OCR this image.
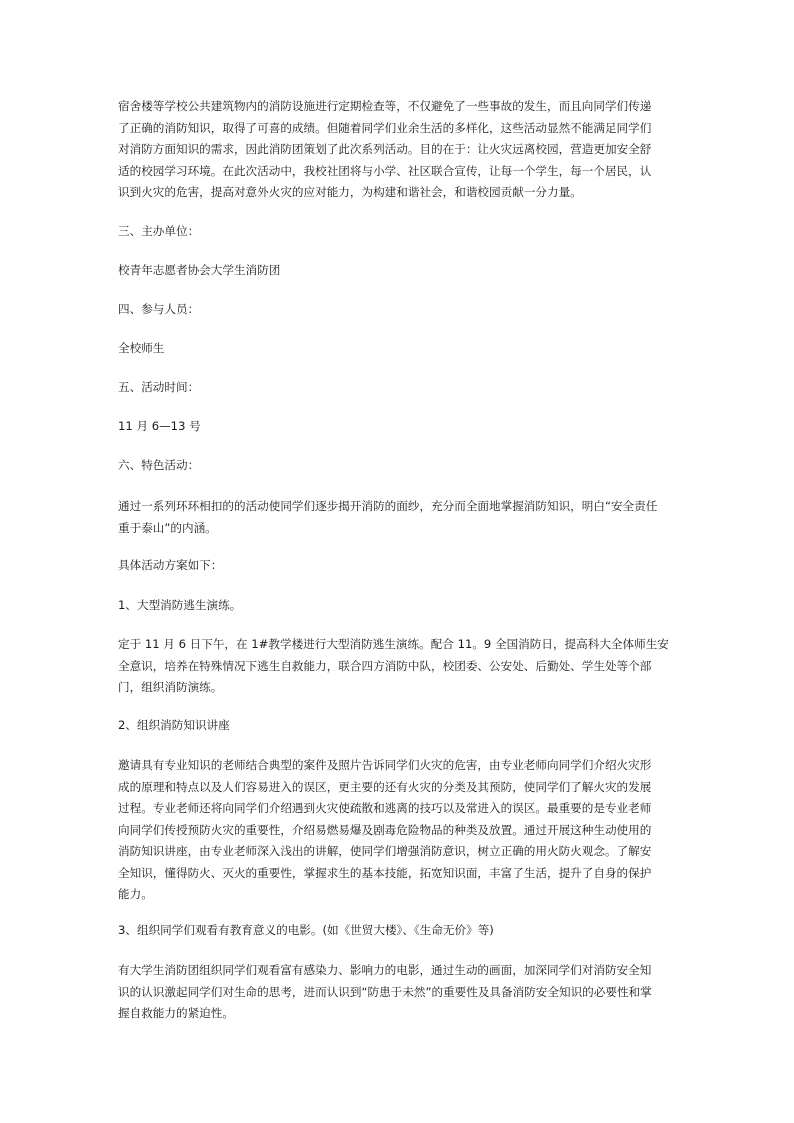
宿舍楼等学校公共建筑物内的消防设施进行定期检查等，不仅避免了一些事故的发生，而且向同学们传递
了正确的消防知识，取得了可喜的成绩。但随着同学们业余生活的多样化，这些活动显然不能满足同学们
对消防方面知识的需求，因此消防团策划了此次系列活动。目的在于：让火灾远离校园，营造更加安全舒
适的校园学习环境。在此次活动中，我校社团将与小学、社区联合宣传，让每一个学生，每一个居民，认
识到火灾的危害，提高对意外火灾的应对能力，为构建和谐社会，和谐校园贡献一分力量。
三、主办单位：
校青年志愿者协会大学生消防团
四、参与人员：
全校师生
五、活动时间：
11 月 6—13 号
六、特色活动：
通过一系列环环相扣的的活动使同学们逐步揭开消防的面纱，充分而全面地掌握消防知识，明白“安全责任
重于泰山”的内涵。
具体活动方案如下：
1、大型消防逃生演练。
定于 11 月 6 日下午，在 1#教学楼进行大型消防逃生演练。配合 11。9 全国消防日，提高科大全体师生安
全意识，培养在特殊情况下逃生自救能力，联合四方消防中队，校团委、公安处、后勤处、学生处等个部
门，组织消防演练。
2、组织消防知识讲座
邀请具有专业知识的老师结合典型的案件及照片告诉同学们火灾的危害，由专业老师向同学们介绍火灾形
成的原理和特点以及人们容易进入的误区，更主要的还有火灾的分类及其预防，使同学们了解火灾的发展
过程。专业老师还将向同学们介绍遇到火灾使疏散和逃离的技巧以及常进入的误区。最重要的是专业老师
向同学们传授预防火灾的重要性，介绍易燃易爆及剧毒危险物品的种类及放置。通过开展这种生动使用的
消防知识讲座，由专业老师深入浅出的讲解，使同学们增强消防意识，树立正确的用火防火观念。了解安
全知识，懂得防火、灭火的重要性，掌握求生的基本技能，拓宽知识面，丰富了生活，提升了自身的保护
能力。
3、组织同学们观看有教育意义的电影。(如《世贸大楼》、《生命无价》等)
有大学生消防团组织同学们观看富有感染力、影响力的电影，通过生动的画面，加深同学们对消防安全知
识的认识激起同学们对生命的思考，进而认识到“防患于未然”的重要性及具备消防安全知识的必要性和掌
握自救能力的紧迫性。
